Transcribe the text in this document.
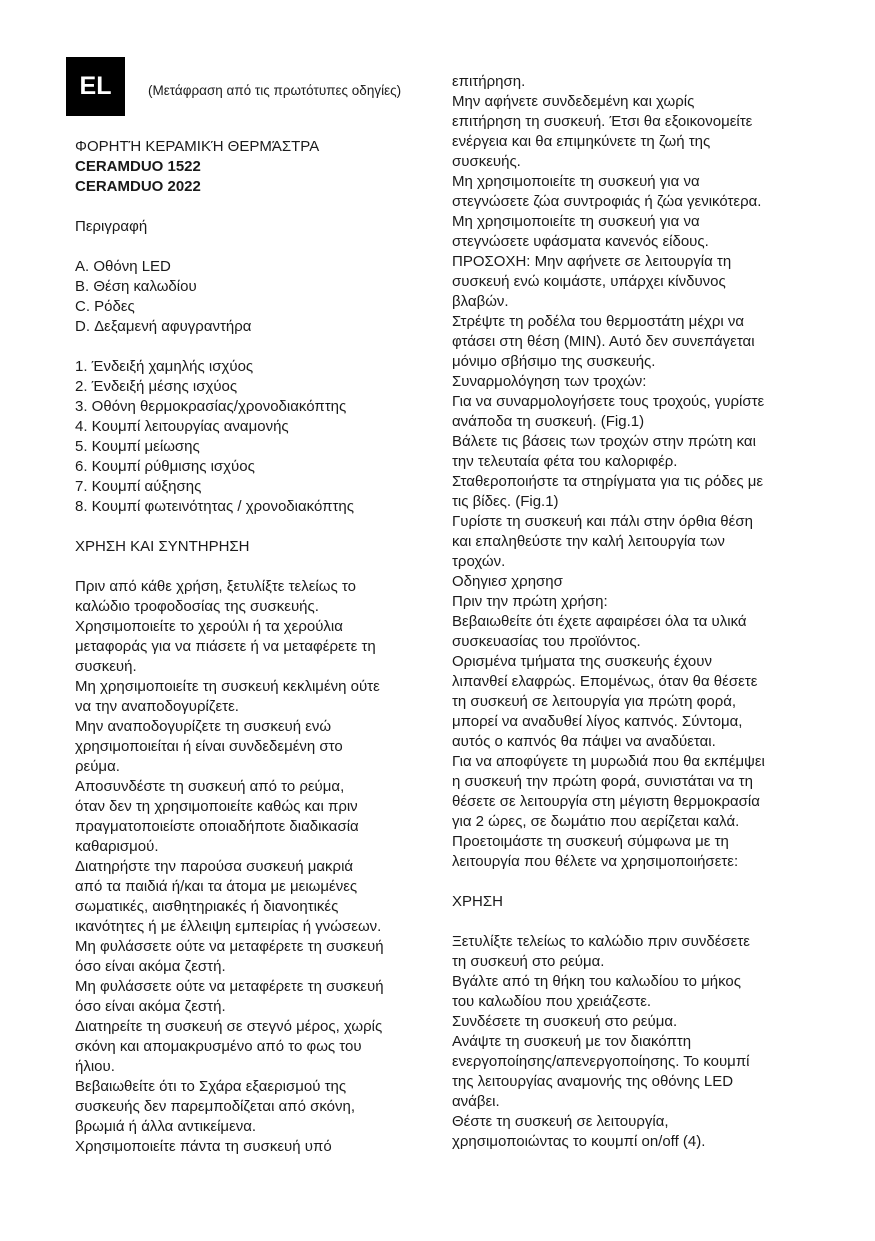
EL	(Μετάφραση από τις πρωτότυπες οδηγίες)
ΦΟΡΗΤΉ ΚΕΡΑΜΙΚΉ ΘΕΡΜΆΣΤΡΑ
CERAMDUO 1522
CERAMDUO 2022
Περιγραφή
A. Οθόνη LED
B. Θέση καλωδίου
C. Ρόδες
D. Δεξαμενή αφυγραντήρα
1. Ένδειξή χαμηλής ισχύος
2. Ένδειξή μέσης ισχύος
3. Οθόνη θερμοκρασίας/χρονοδιακόπτης
4. Κουμπί λειτουργίας αναμονής
5. Κουμπί μείωσης
6. Κουμπί ρύθμισης ισχύος
7. Κουμπί αύξησης
8. Κουμπί φωτεινότητας / χρονοδιακόπτης
ΧΡΗΣΗ ΚΑΙ ΣΥΝΤΗΡΗΣΗ
Πριν από κάθε χρήση, ξετυλίξτε τελείως το
καλώδιο τροφοδοσίας της συσκευής.
Χρησιμοποιείτε το χερούλι ή τα χερούλια
μεταφοράς για να πιάσετε ή να μεταφέρετε τη
συσκευή.
Μη χρησιμοποιείτε τη συσκευή κεκλιμένη ούτε
να την αναποδογυρίζετε.
Μην αναποδογυρίζετε τη συσκευή ενώ
χρησιμοποιείται ή είναι συνδεδεμένη στο
ρεύμα.
Αποσυνδέστε τη συσκευή από το ρεύμα,
όταν δεν τη χρησιμοποιείτε καθώς και πριν
πραγματοποιείστε οποιαδήποτε διαδικασία
καθαρισμού.
Διατηρήστε την παρούσα συσκευή μακριά
από τα παιδιά ή/και τα άτομα με μειωμένες
σωματικές, αισθητηριακές ή διανοητικές
ικανότητες ή με έλλειψη εμπειρίας ή γνώσεων.
Μη φυλάσσετε ούτε να μεταφέρετε τη συσκευή
όσο είναι ακόμα ζεστή.
Μη φυλάσσετε ούτε να μεταφέρετε τη συσκευή
όσο είναι ακόμα ζεστή.
Διατηρείτε τη συσκευή σε στεγνό μέρος, χωρίς
σκόνη και απομακρυσμένο από το φως του
ήλιου.
Βεβαιωθείτε ότι το Σχάρα εξαερισμού της
συσκευής δεν παρεμποδίζεται από σκόνη,
βρωμιά ή άλλα αντικείμενα.
Χρησιμοποιείτε πάντα τη συσκευή υπό
επιτήρηση.
Μην αφήνετε συνδεδεμένη και χωρίς
επιτήρηση τη συσκευή. Έτσι θα εξοικονομείτε
ενέργεια και θα επιμηκύνετε τη ζωή της
συσκευής.
Μη χρησιμοποιείτε τη συσκευή για να
στεγνώσετε ζώα συντροφιάς ή ζώα γενικότερα.
Μη χρησιμοποιείτε τη συσκευή για να
στεγνώσετε υφάσματα κανενός είδους.
ΠΡΟΣΟΧΗ: Μην αφήνετε σε λειτουργία τη
συσκευή ενώ κοιμάστε, υπάρχει κίνδυνος
βλαβών.
Στρέψτε τη ροδέλα του θερμοστάτη μέχρι να
φτάσει στη θέση (MIN). Αυτό δεν συνεπάγεται
μόνιμο σβήσιμο της συσκευής.
Συναρμολόγηση των τροχών:
Για να συναρμολογήσετε τους τροχούς, γυρίστε
ανάποδα τη συσκευή. (Fig.1)
Βάλετε τις βάσεις των τροχών στην πρώτη και
την τελευταία φέτα του καλοριφέρ.
Σταθεροποιήστε τα στηρίγματα για τις ρόδες με
τις βίδες. (Fig.1)
Γυρίστε τη συσκευή και πάλι στην όρθια θέση
και επαληθεύστε την καλή λειτουργία των
τροχών.
Οδηγιεσ χρησησ
Πριν την πρώτη χρήση:
Βεβαιωθείτε ότι έχετε αφαιρέσει όλα τα υλικά
συσκευασίας του προϊόντος.
Ορισμένα τμήματα της συσκευής έχουν
λιπανθεί ελαφρώς. Επομένως, όταν θα θέσετε
τη συσκευή σε λειτουργία για πρώτη φορά,
μπορεί να αναδυθεί λίγος καπνός. Σύντομα,
αυτός ο καπνός θα πάψει να αναδύεται.
Για να αποφύγετε τη μυρωδιά που θα εκπέμψει
η συσκευή την πρώτη φορά, συνιστάται να τη
θέσετε σε λειτουργία στη μέγιστη θερμοκρασία
για 2 ώρες, σε δωμάτιο που αερίζεται καλά.
Προετοιμάστε τη συσκευή σύμφωνα με τη
λειτουργία που θέλετε να χρησιμοποιήσετε:
ΧΡΗΣΗ
Ξετυλίξτε τελείως το καλώδιο πριν συνδέσετε
τη συσκευή στο ρεύμα.
Βγάλτε από τη θήκη του καλωδίου το μήκος
του καλωδίου που χρειάζεστε.
Συνδέσετε τη συσκευή στο ρεύμα.
Ανάψτε τη συσκευή με τον διακόπτη
ενεργοποίησης/απενεργοποίησης. Το κουμπί
της λειτουργίας αναμονής της οθόνης LED
ανάβει.
Θέστε τη συσκευή σε λειτουργία,
χρησιμοποιώντας το κουμπί on/off (4).
